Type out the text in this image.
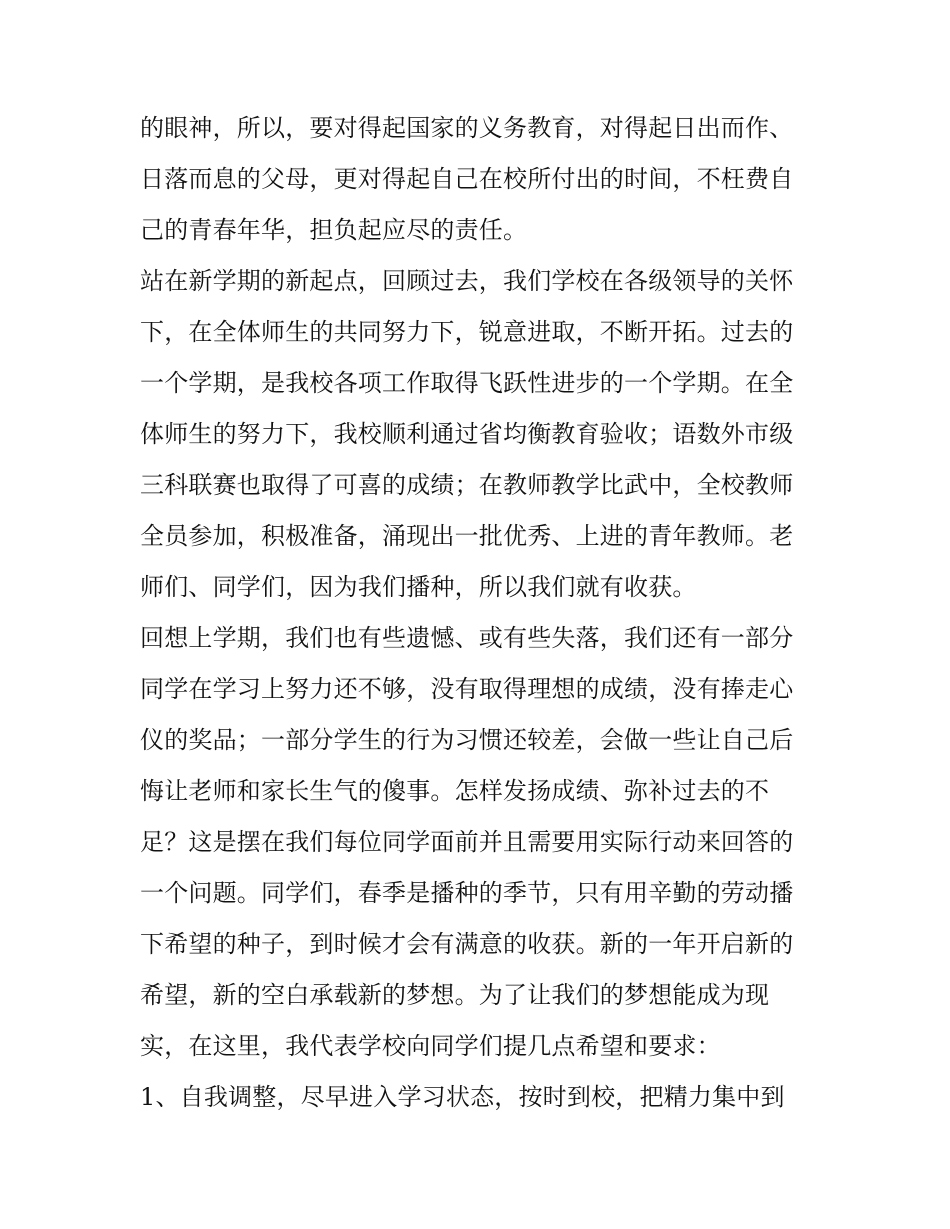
的眼神，所以，要对得起国家的义务教育，对得起日出而作、
日落而息的父母，更对得起自己在校所付出的时间，不枉费自
己的青春年华，担负起应尽的责任。
站在新学期的新起点，回顾过去，我们学校在各级领导的关怀
下，在全体师生的共同努力下，锐意进取，不断开拓。过去的
一个学期，是我校各项工作取得飞跃性进步的一个学期。在全
体师生的努力下，我校顺利通过省均衡教育验收；语数外市级
三科联赛也取得了可喜的成绩；在教师教学比武中，全校教师
全员参加，积极准备，涌现出一批优秀、上进的青年教师。老
师们、同学们，因为我们播种，所以我们就有收获。
回想上学期，我们也有些遗憾、或有些失落，我们还有一部分
同学在学习上努力还不够，没有取得理想的成绩，没有捧走心
仪的奖品；一部分学生的行为习惯还较差，会做一些让自己后
悔让老师和家长生气的傻事。怎样发扬成绩、弥补过去的不
足？这是摆在我们每位同学面前并且需要用实际行动来回答的
一个问题。同学们，春季是播种的季节，只有用辛勤的劳动播
下希望的种子，到时候才会有满意的收获。新的一年开启新的
希望，新的空白承载新的梦想。为了让我们的梦想能成为现
实，在这里，我代表学校向同学们提几点希望和要求：
1、自我调整，尽早进入学习状态，按时到校，把精力集中到
